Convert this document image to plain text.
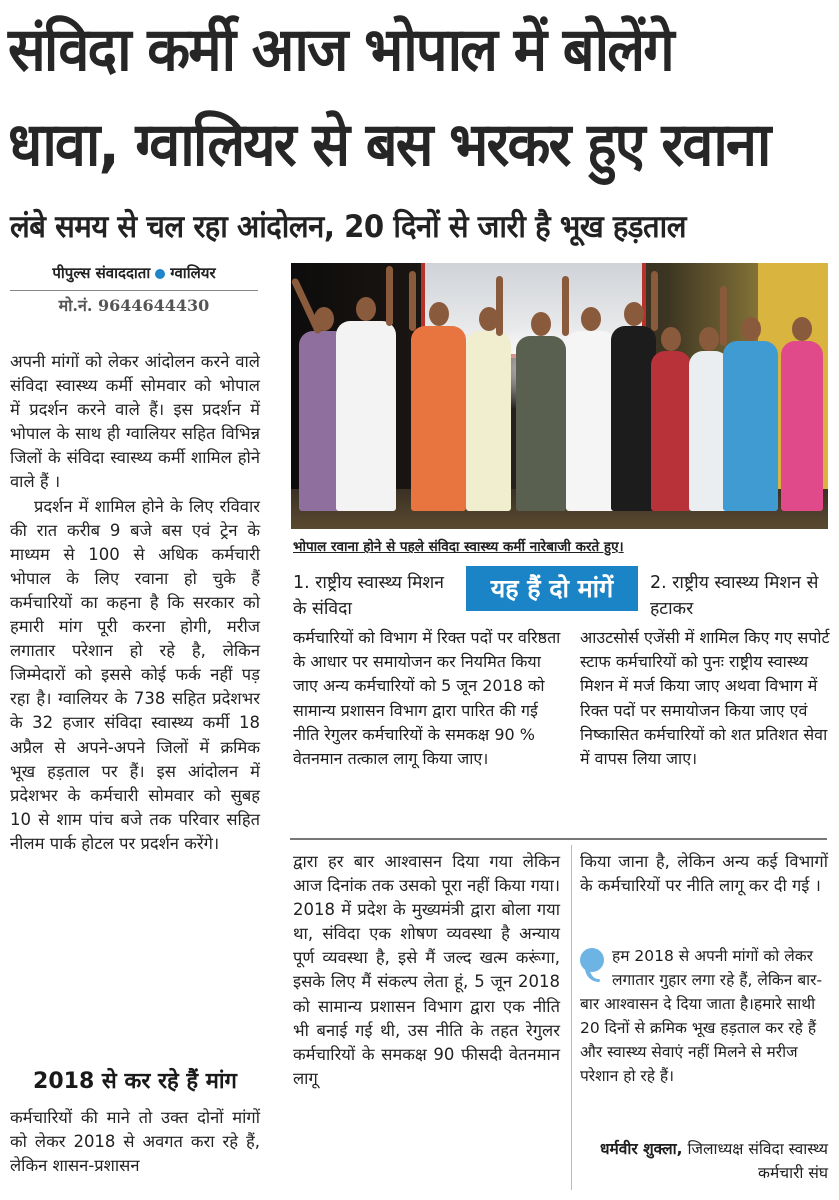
संविदा कर्मी आज भोपाल में बोलेंगे
धावा, ग्वालियर से बस भरकर हुए रवाना
लंबे समय से चल रहा आंदोलन, 20 दिनों से जारी है भूख हड़ताल
पीपुल्स संवाददाता ग्वालियर
मो.नं. 9644644430

अपनी मांगों को लेकर आंदोलन करने वाले संविदा स्वास्थ्य कर्मी सोमवार को भोपाल में प्रदर्शन करने वाले हैं। इस प्रदर्शन में भोपाल के साथ ही ग्वालियर सहित विभिन्न जिलों के संविदा स्वास्थ्य कर्मी शामिल होने वाले हैं ।

प्रदर्शन में शामिल होने के लिए रविवार की रात करीब 9 बजे बस एवं ट्रेन के माध्यम से 100 से अधिक कर्मचारी भोपाल के लिए रवाना हो चुके हैं कर्मचारियों का कहना है कि सरकार को हमारी मांग पूरी करना होगी, मरीज लगातार परेशान हो रहे है, लेकिन जिम्मेदारों को इससे कोई फर्क नहीं पड़ रहा है। ग्वालियर के 738 सहित प्रदेशभर के 32 हजार संविदा स्वास्थ्य कर्मी 18 अप्रैल से अपने-अपने जिलों में क्रमिक भूख हड़ताल पर हैं। इस आंदोलन में प्रदेशभर के कर्मचारी सोमवार को सुबह 10 से शाम पांच बजे तक परिवार सहित नीलम पार्क होटल पर प्रदर्शन करेंगे।

2018 से कर रहे हैं मांग

कर्मचारियों की माने तो उक्त दोनों मांगों को लेकर 2018 से अवगत करा रहे हैं, लेकिन शासन-प्रशासन

भोपाल रवाना होने से पहले संविदा स्वास्थ्य कर्मी नारेबाजी करते हुए।
1. राष्ट्रीय स्वास्थ्य मिशन के संविदा
यह हैं दो मांगें	2. राष्ट्रीय स्वास्थ्य मिशन से हटाकर
कर्मचारियों को विभाग में रिक्त पदों पर वरिष्ठता के आधार पर समायोजन कर नियमित किया जाए अन्य कर्मचारियों को 5 जून 2018 को सामान्य प्रशासन विभाग द्वारा पारित की गई नीति रेगुलर कर्मचारियों के समकक्ष 90 % वेतनमान तत्काल लागू किया जाए।
आउटसोर्स एजेंसी में शामिल किए गए सपोर्ट स्टाफ कर्मचारियों को पुनः राष्ट्रीय स्वास्थ्य मिशन में मर्ज किया जाए अथवा विभाग में रिक्त पदों पर समायोजन किया जाए एवं निष्कासित कर्मचारियों को शत प्रतिशत सेवा में वापस लिया जाए।

द्वारा हर बार आश्वासन दिया गया लेकिन आज दिनांक तक उसको पूरा नहीं किया गया। 2018 में प्रदेश के मुख्यमंत्री द्वारा बोला गया था, संविदा एक शोषण व्यवस्था है अन्याय पूर्ण व्यवस्था है, इसे मैं जल्द खत्म करूंगा, इसके लिए मैं संकल्प लेता हूं, 5 जून 2018 को सामान्य प्रशासन विभाग द्वारा एक नीति भी बनाई गई थी, उस नीति के तहत रेगुलर कर्मचारियों के समकक्ष 90 फीसदी वेतनमान लागू

किया जाना है, लेकिन अन्य कई विभागों के कर्मचारियों पर नीति लागू कर दी गई ।

हम 2018 से अपनी मांगों को लेकर लगातार गुहार लगा रहे हैं, लेकिन बार-बार आश्वासन दे दिया जाता है।हमारे साथी 20 दिनों से क्रमिक भूख हड़ताल कर रहे हैं और स्वास्थ्य सेवाएं नहीं मिलने से मरीज परेशान हो रहे हैं।
धर्मवीर शुक्ला, जिलाध्यक्ष संविदा स्वास्थ्य कर्मचारी संघ
